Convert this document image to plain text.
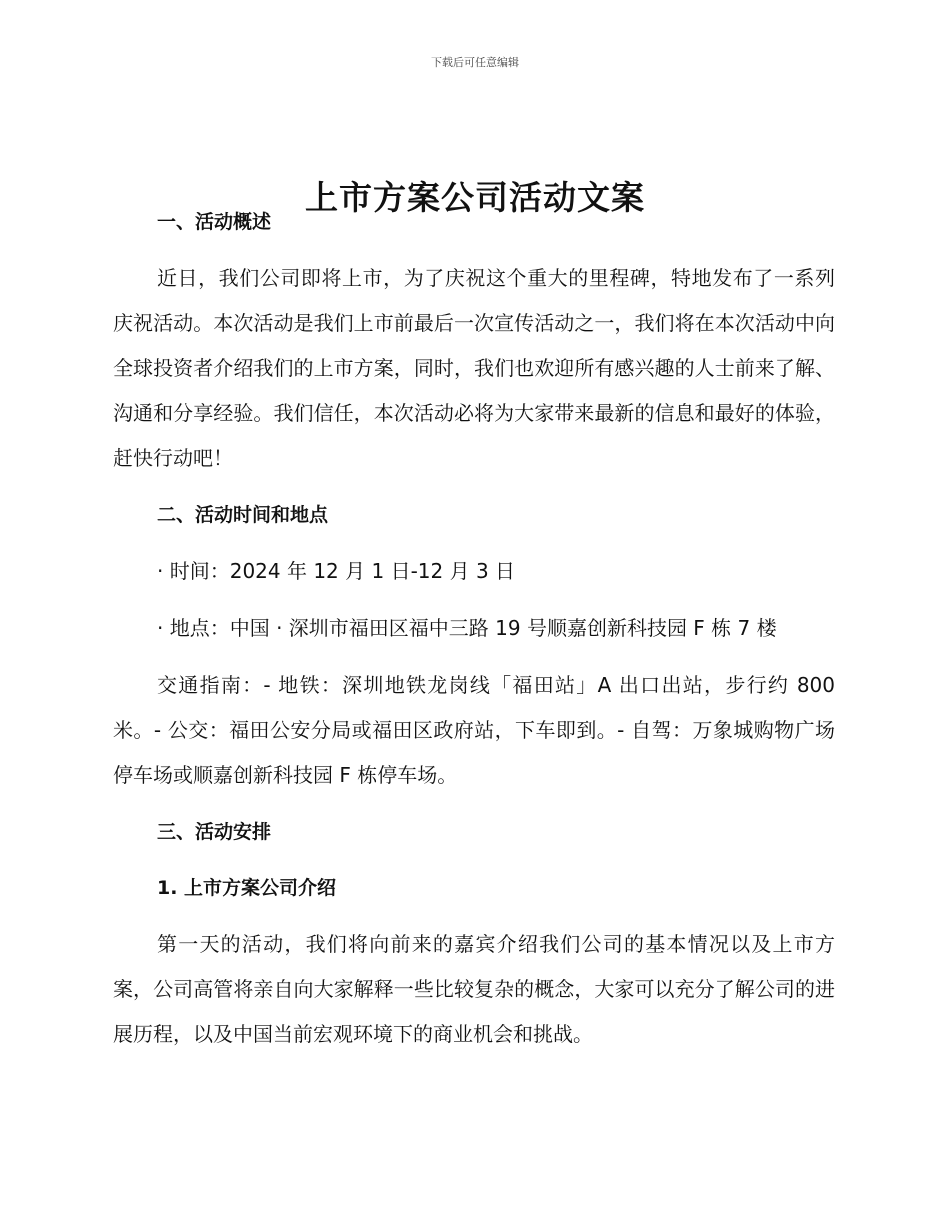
下载后可任意编辑
上市方案公司活动文案
一、活动概述

近日，我们公司即将上市，为了庆祝这个重大的里程碑，特地发布了一系列庆祝活动。本次活动是我们上市前最后一次宣传活动之一，我们将在本次活动中向全球投资者介绍我们的上市方案，同时，我们也欢迎所有感兴趣的人士前来了解、沟通和分享经验。我们信任，本次活动必将为大家带来最新的信息和最好的体验，赶快行动吧！

二、活动时间和地点

· 时间：2024 年 12 月 1 日-12 月 3 日

· 地点：中国 · 深圳市福田区福中三路 19 号顺嘉创新科技园 F 栋 7 楼

交通指南：- 地铁：深圳地铁龙岗线「福田站」A 出口出站，步行约 800 米。- 公交：福田公安分局或福田区政府站，下车即到。- 自驾：万象城购物广场停车场或顺嘉创新科技园 F 栋停车场。

三、活动安排
1. 上市方案公司介绍

第一天的活动，我们将向前来的嘉宾介绍我们公司的基本情况以及上市方案，公司高管将亲自向大家解释一些比较复杂的概念，大家可以充分了解公司的进展历程，以及中国当前宏观环境下的商业机会和挑战。
